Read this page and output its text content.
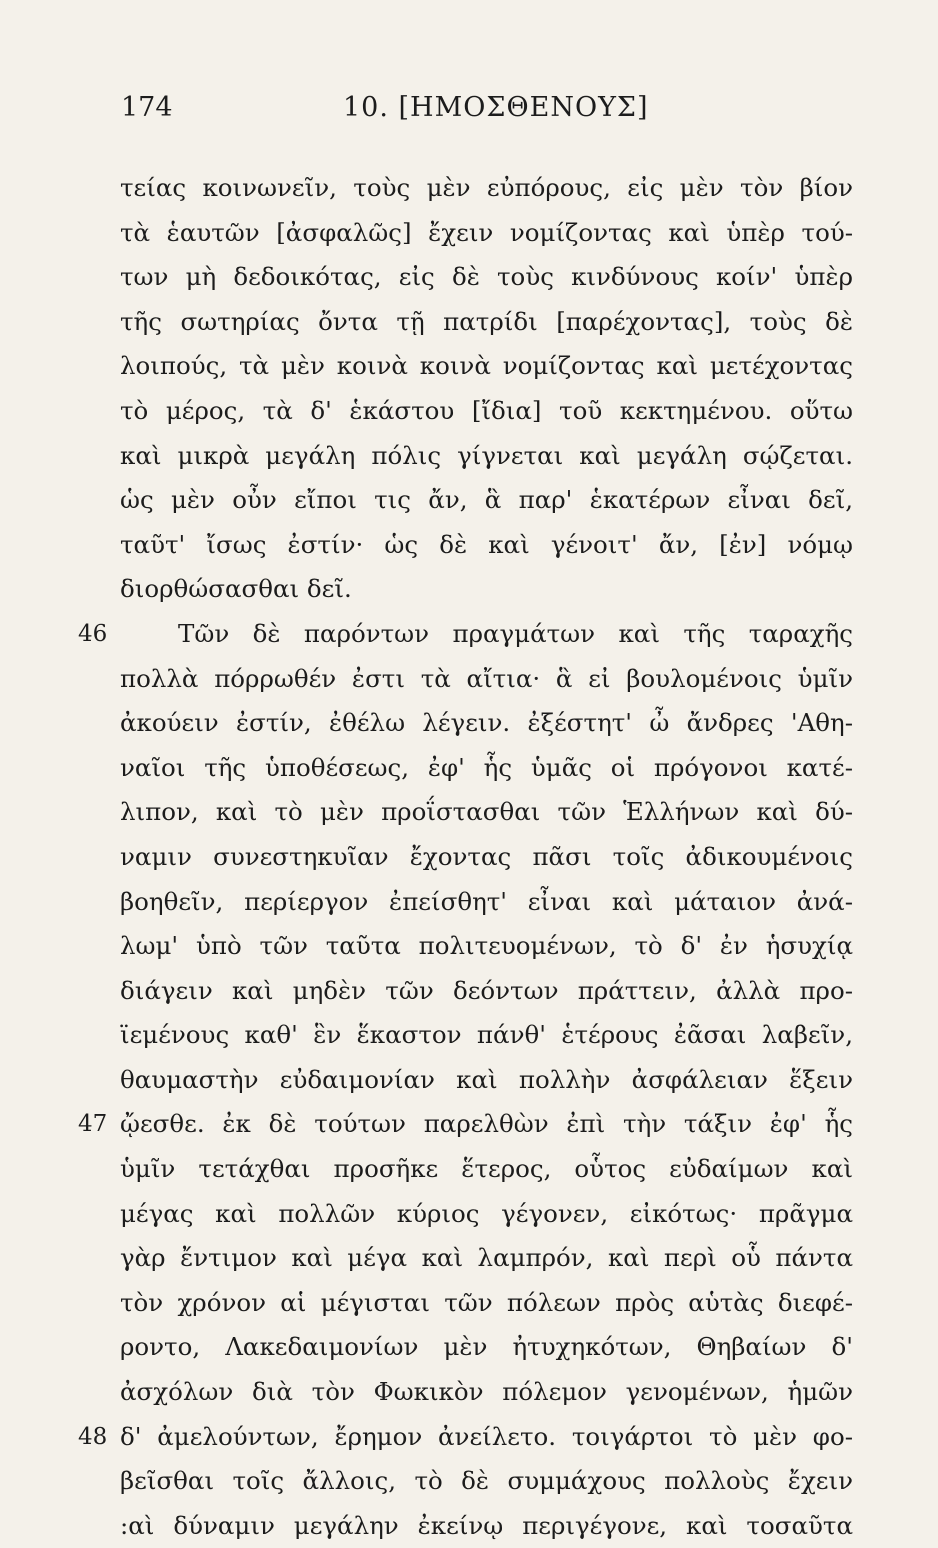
174	10. [ΗΜΟΣΘΕΝΟΥΣ]
τείας κοινωνεῖν, τοὺς μὲν εὐπόρους, εἰς μὲν τὸν βίον
τὰ ἑαυτῶν [ἀσφαλῶς] ἔχειν νομίζοντας καὶ ὑπὲρ τού-
των μὴ δεδοικότας, εἰς δὲ τοὺς κινδύνους κοίν' ὑπὲρ
τῆς σωτηρίας ὄντα τῇ πατρίδι [παρέχοντας], τοὺς δὲ
λοιπούς, τὰ μὲν κοινὰ κοινὰ νομίζοντας καὶ μετέχοντας
τὸ μέρος, τὰ δ' ἑκάστου [ἴδια] τοῦ κεκτημένου. οὕτω
καὶ μικρὰ μεγάλη πόλις γίγνεται καὶ μεγάλη σῴζεται.
ὡς μὲν οὖν εἴποι τις ἄν, ἃ παρ' ἑκατέρων εἶναι δεῖ,
ταῦτ' ἴσως ἐστίν· ὡς δὲ καὶ γένοιτ' ἄν, [ἐν] νόμῳ
διορθώσασθαι δεῖ.
Τῶν δὲ παρόντων πραγμάτων καὶ τῆς ταραχῆς
46
πολλὰ πόρρωθέν ἐστι τὰ αἴτια· ἃ εἰ βουλομένοις ὑμῖν
ἀκούειν ἐστίν, ἐθέλω λέγειν. ἐξέστητ' ὦ ἄνδρες 'Αθη-
ναῖοι τῆς ὑποθέσεως, ἐφ' ἧς ὑμᾶς οἱ πρόγονοι κατέ-
λιπον, καὶ τὸ μὲν προΐστασθαι τῶν Ἑλλήνων καὶ δύ-
ναμιν συνεστηκυῖαν ἔχοντας πᾶσι τοῖς ἀδικουμένοις
βοηθεῖν, περίεργον ἐπείσθητ' εἶναι καὶ μάταιον ἀνά-
λωμ' ὑπὸ τῶν ταῦτα πολιτευομένων, τὸ δ' ἐν ἡσυχίᾳ
διάγειν καὶ μηδὲν τῶν δεόντων πράττειν, ἀλλὰ προ-
ϊεμένους καθ' ἓν ἕκαστον πάνθ' ἑτέρους ἐᾶσαι λαβεῖν,
θαυμαστὴν εὐδαιμονίαν καὶ πολλὴν ἀσφάλειαν ἕξειν
ᾤεσθε. ἐκ δὲ τούτων παρελθὼν ἐπὶ τὴν τάξιν ἐφ' ἧς
47
ὑμῖν τετάχθαι προσῆκε ἕτερος, οὗτος εὐδαίμων καὶ
μέγας καὶ πολλῶν κύριος γέγονεν, εἰκότως· πρᾶγμα
γὰρ ἔντιμον καὶ μέγα καὶ λαμπρόν, καὶ περὶ οὗ πάντα
τὸν χρόνον αἱ μέγισται τῶν πόλεων πρὸς αὑτὰς διεφέ-
ροντο, Λακεδαιμονίων μὲν ἠτυχηκότων, Θηβαίων δ'
ἀσχόλων διὰ τὸν Φωκικὸν πόλεμον γενομένων, ἡμῶν
δ' ἀμελούντων, ἔρημον ἀνείλετο. τοιγάρτοι τὸ μὲν φο-
48
βεῖσθαι τοῖς ἄλλοις, τὸ δὲ συμμάχους πολλοὺς ἔχειν
:αὶ δύναμιν μεγάλην ἐκείνῳ περιγέγονε, καὶ τοσαῦτα
